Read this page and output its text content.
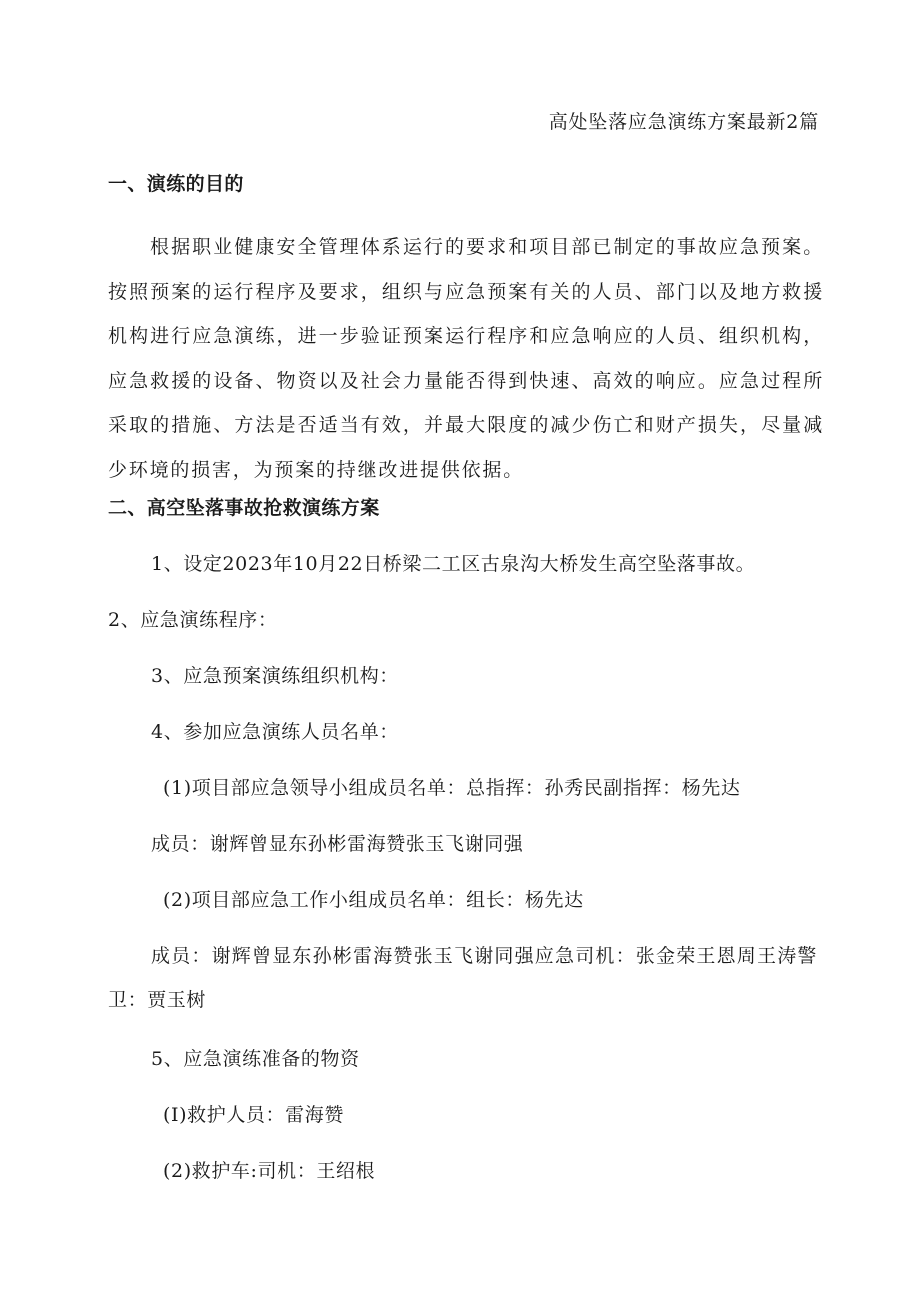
高处坠落应急演练方案最新2篇

一、演练的目的

根据职业健康安全管理体系运行的要求和项目部已制定的事故应急预案。按照预案的运行程序及要求，组织与应急预案有关的人员、部门以及地方救援机构进行应急演练，进一步验证预案运行程序和应急响应的人员、组织机构，应急救援的设备、物资以及社会力量能否得到快速、高效的响应。应急过程所采取的措施、方法是否适当有效，并最大限度的减少伤亡和财产损失，尽量减少环境的损害，为预案的持继改进提供依据。

二、高空坠落事故抢救演练方案

1、设定2023年10月22日桥梁二工区古泉沟大桥发生高空坠落事故。

2、应急演练程序：

3、应急预案演练组织机构：

4、参加应急演练人员名单：

(1)项目部应急领导小组成员名单：总指挥：孙秀民副指挥：杨先达

成员：谢辉曾显东孙彬雷海赞张玉飞谢同强

(2)项目部应急工作小组成员名单：组长：杨先达

成员：谢辉曾显东孙彬雷海赞张玉飞谢同强应急司机：张金荣王恩周王涛警

卫：贾玉树

5、应急演练准备的物资

(I)救护人员：雷海赞

(2)救护车:司机：王绍根
